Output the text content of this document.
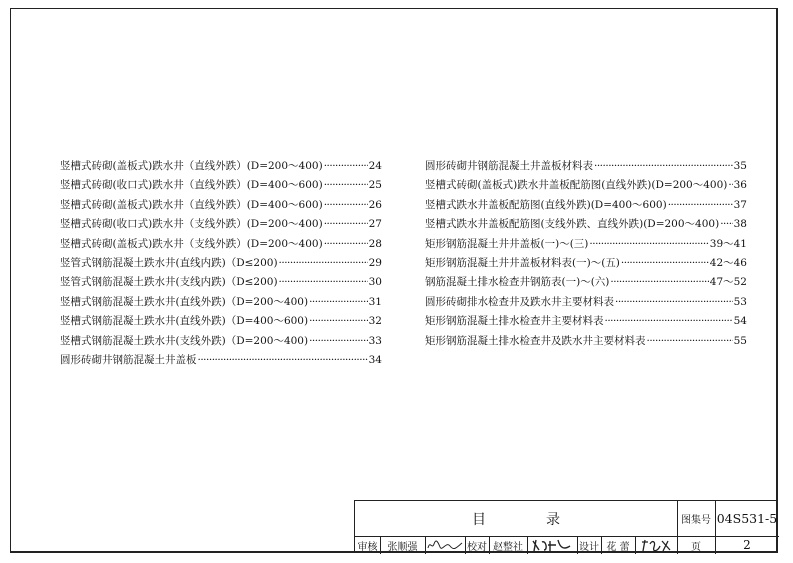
竖槽式砖砌(盖板式)跌水井（直线外跌）(D=200～400) ·····	24
竖槽式砖砌(收口式)跌水井（直线外跌）(D=400～600) ·····	25
竖槽式砖砌(盖板式)跌水井（直线外跌）(D=400～600) ·····	26
竖槽式砖砌(收口式)跌水井（支线外跌）(D=200～400) ·····	27
竖槽式砖砌(盖板式)跌水井（支线外跌）(D=200～400) ·····	28
竖管式钢筋混凝土跌水井(直线内跌)（D≤200) ·····	29
竖管式钢筋混凝土跌水井(支线内跌)（D≤200) ·····	30
竖槽式钢筋混凝土跌水井(直线外跌)（D=200～400) ·····	31
竖槽式钢筋混凝土跌水井(直线外跌)（D=400～600) ·····	32
竖槽式钢筋混凝土跌水井(支线外跌)（D=200～400) ·····	33
圆形砖砌井钢筋混凝土井盖板 ·····	34
圆形砖砌井钢筋混凝土井盖板材料表 ·····	35
竖槽式砖砌(盖板式)跌水井盖板配筋图(直线外跌)(D=200～400) ····· 36
竖槽式跌水井盖板配筋图(直线外跌)(D=400～600) ·····	37
竖槽式跌水井盖板配筋图(支线外跌、直线外跌)(D=200～400) ····· 38
矩形钢筋混凝土井井盖板(一)～(三) ·····	39～41
矩形钢筋混凝土井井盖板材料表(一)～(五) ·····	42～46
钢筋混凝土排水检查井钢筋表(一)～(六) ·····	47～52
圆形砖砌排水检查井及跌水井主要材料表 ·····	53
矩形钢筋混凝土排水检查井主要材料表 ·····	54
矩形钢筋混凝土排水检查井及跌水井主要材料表 ·····	55
目录	图集号 04S531-5
审核	张顺强	校对 赵整社	设计 花 蕾	页	2
